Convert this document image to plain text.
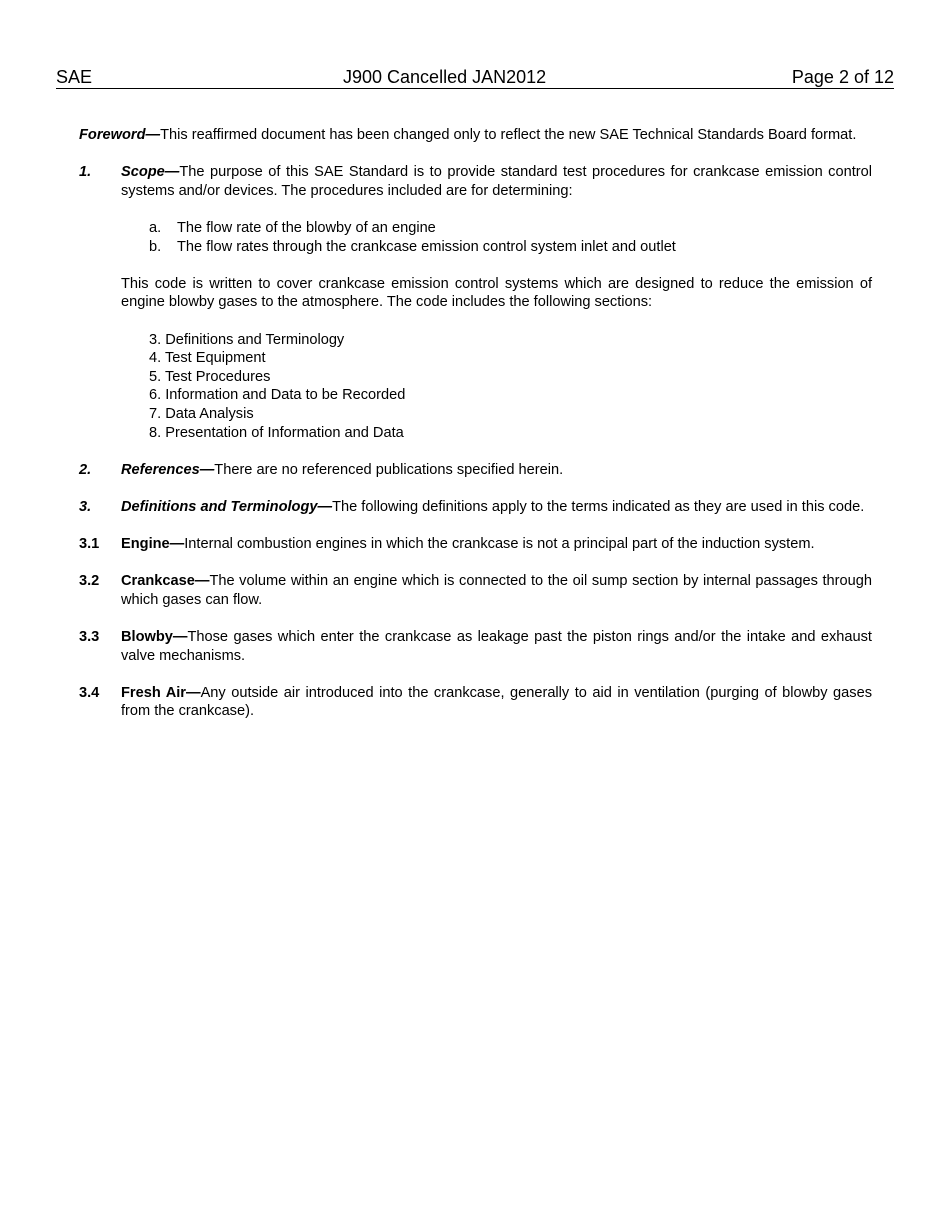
SAE	J900 Cancelled JAN2012	Page 2 of 12

Foreword—This reaffirmed document has been changed only to reflect the new SAE Technical Standards Board format.

1. Scope—The purpose of this SAE Standard is to provide standard test procedures for crankcase emission control systems and/or devices. The procedures included are for determining:

a. The flow rate of the blowby of an engine
b. The flow rates through the crankcase emission control system inlet and outlet

This code is written to cover crankcase emission control systems which are designed to reduce the emission of engine blowby gases to the atmosphere. The code includes the following sections:

3. Definitions and Terminology
4. Test Equipment
5. Test Procedures
6. Information and Data to be Recorded
7. Data Analysis
8. Presentation of Information and Data
2. References—There are no referenced publications specified herein.

3. Definitions and Terminology—The following definitions apply to the terms indicated as they are used in this code.

3.1 Engine—Internal combustion engines in which the crankcase is not a principal part of the induction system.

3.2 Crankcase—The volume within an engine which is connected to the oil sump section by internal passages through which gases can flow.

3.3 Blowby—Those gases which enter the crankcase as leakage past the piston rings and/or the intake and exhaust valve mechanisms.

3.4 Fresh Air—Any outside air introduced into the crankcase, generally to aid in ventilation (purging of blowby gases from the crankcase).
